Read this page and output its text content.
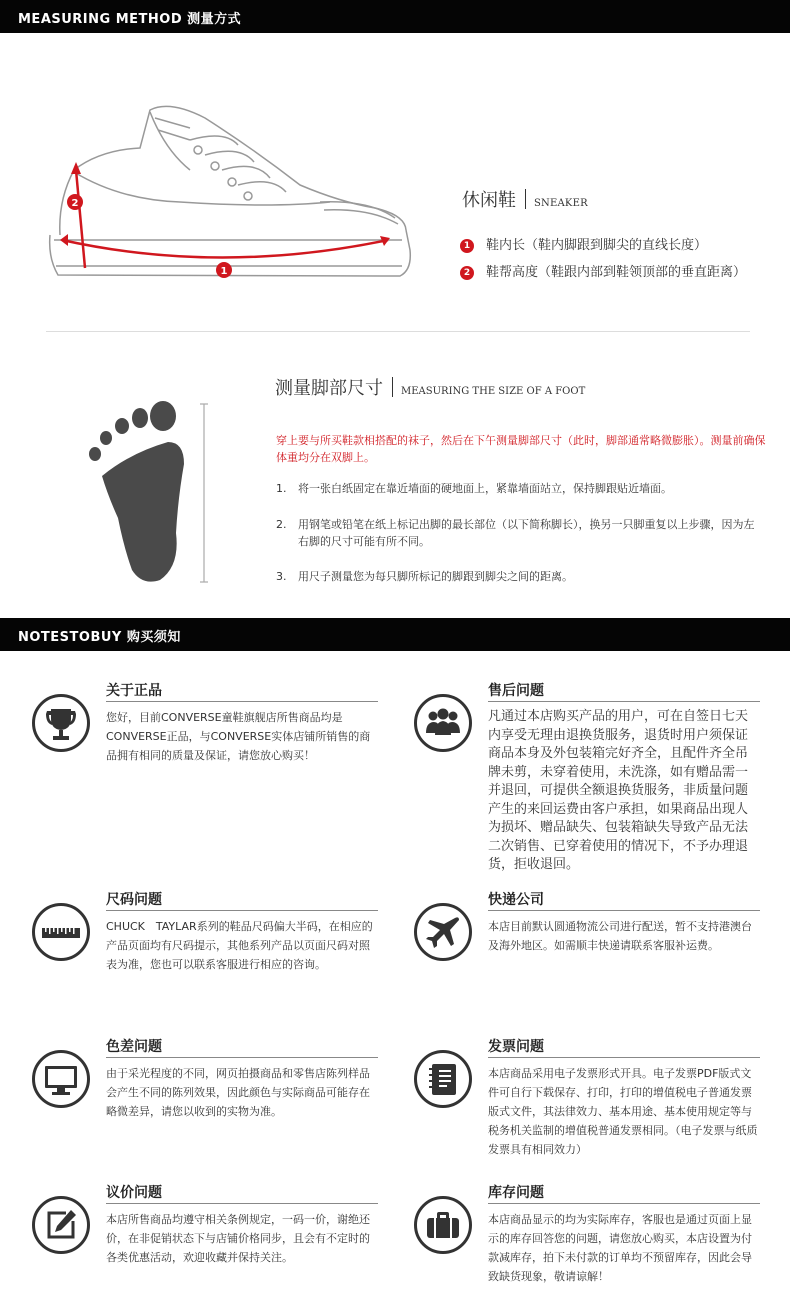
MEASURING METHOD 测量方式
1
2	休闲鞋 SNEAKER
1 鞋内长（鞋内脚跟到脚尖的直线长度）
2 鞋帮高度（鞋跟内部到鞋领顶部的垂直距离）
测量脚部尺寸 MEASURING THE SIZE OF A FOOT
穿上要与所买鞋款相搭配的袜子，然后在下午测量脚部尺寸（此时，脚部通常略微膨胀）。测量前确保体重均分在双脚上。
1.	将一张白纸固定在靠近墙面的硬地面上，紧靠墙面站立，保持脚跟贴近墙面。
2.	用钢笔或铅笔在纸上标记出脚的最长部位（以下简称脚长），换另一只脚重复以上步骤，因为左右脚的尺寸可能有所不同。
3.	用尺子测量您为每只脚所标记的脚跟到脚尖之间的距离。
NOTESTOBUY 购买须知
关于正品
您好，目前CONVERSE童鞋旗舰店所售商品均是CONVERSE正品，与CONVERSE实体店铺所销售的商品拥有相同的质量及保证，请您放心购买！
售后问题
凡通过本店购买产品的用户，可在自签日七天内享受无理由退换货服务，退货时用户须保证商品本身及外包装箱完好齐全，且配件齐全吊牌未剪，未穿着使用，未洗涤，如有赠品需一并退回，可提供全额退换货服务，非质量问题产生的来回运费由客户承担，如果商品出现人为损坏、赠品缺失、包装箱缺失导致产品无法二次销售、已穿着使用的情况下，不予办理退货，拒收退回。
尺码问题
CHUCK　TAYLAR系列的鞋品尺码偏大半码，在相应的产品页面均有尺码提示，其他系列产品以页面尺码对照表为准，您也可以联系客服进行相应的咨询。
快递公司
本店目前默认圆通物流公司进行配送，暂不支持港澳台及海外地区。如需顺丰快递请联系客服补运费。
色差问题
由于采光程度的不同，网页拍摄商品和零售店陈列样品会产生不同的陈列效果，因此颜色与实际商品可能存在略微差异，请您以收到的实物为准。
发票问题
本店商品采用电子发票形式开具。电子发票PDF版式文件可自行下载保存、打印，打印的增值税电子普通发票版式文件，其法律效力、基本用途、基本使用规定等与税务机关监制的增值税普通发票相同。（电子发票与纸质发票具有相同效力）
议价问题
本店所售商品均遵守相关条例规定，一码一价，谢绝还价，在非促销状态下与店铺价格同步，且会有不定时的各类优惠活动，欢迎收藏并保持关注。
库存问题
本店商品显示的均为实际库存，客服也是通过页面上显示的库存回答您的问题，请您放心购买，本店设置为付款减库存，拍下未付款的订单均不预留库存，因此会导致缺货现象，敬请谅解！
